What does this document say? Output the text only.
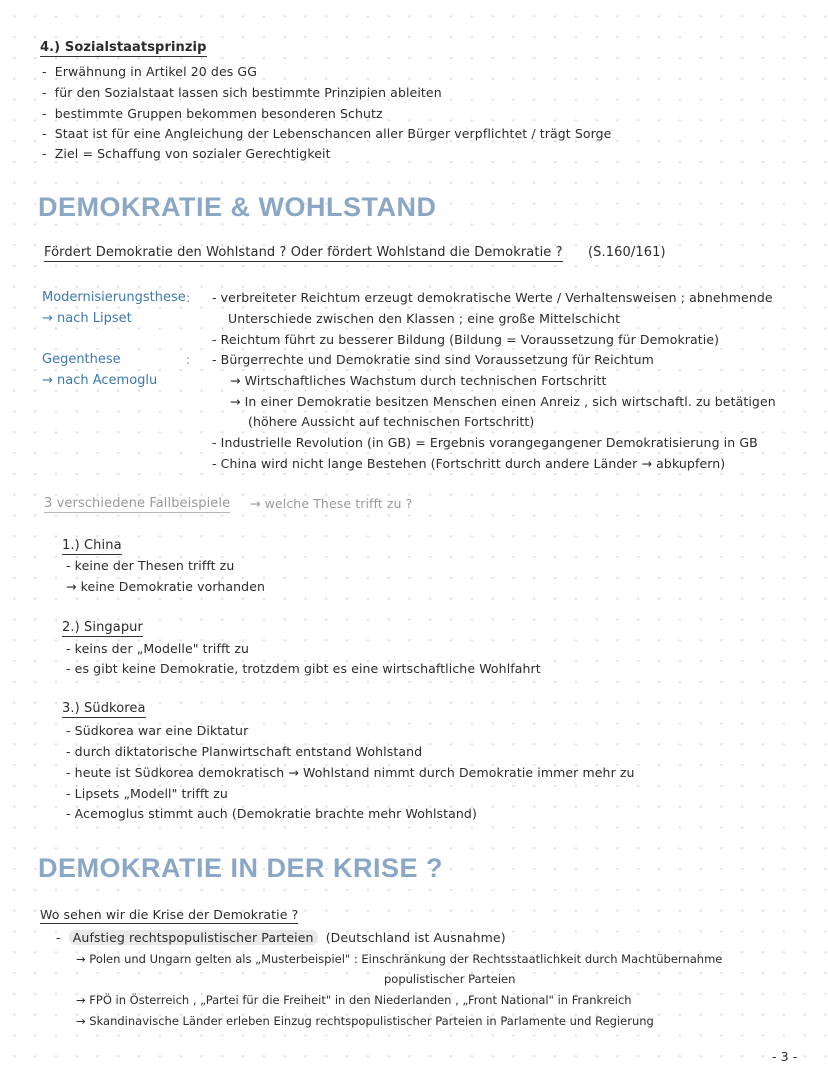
4.) Sozialstaatsprinzip
-  Erwähnung in Artikel 20 des GG
-  für den Sozialstaat lassen sich bestimmte Prinzipien ableiten
-  bestimmte Gruppen bekommen besonderen Schutz
-  Staat ist für eine Angleichung der Lebenschancen aller Bürger verpflichtet / trägt Sorge
-  Ziel = Schaffung von sozialer Gerechtigkeit
DEMOKRATIE & WOHLSTAND
Fördert Demokratie den Wohlstand ? Oder fördert Wohlstand die Demokratie ? (S.160/161)
Modernisierungsthese
→ nach Lipset
Gegenthese
→ nach Acemoglu
:
:
- verbreiteter Reichtum erzeugt demokratische Werte / Verhaltensweisen ; abnehmende
Unterschiede zwischen den Klassen ; eine große Mittelschicht
- Reichtum führt zu besserer Bildung (Bildung = Voraussetzung für Demokratie)
- Bürgerrechte und Demokratie sind sind Voraussetzung für Reichtum
→ Wirtschaftliches Wachstum durch technischen Fortschritt
→ In einer Demokratie besitzen Menschen einen Anreiz , sich wirtschaftl. zu betätigen
(höhere Aussicht auf technischen Fortschritt)
- Industrielle Revolution (in GB) = Ergebnis vorangegangener Demokratisierung in GB
- China wird nicht lange Bestehen (Fortschritt durch andere Länder → abkupfern)
3 verschiedene Fallbeispiele → welche These trifft zu ?
1.) China
- keine der Thesen trifft zu
→ keine Demokratie vorhanden
2.) Singapur
- keins der „Modelle" trifft zu
- es gibt keine Demokratie, trotzdem gibt es eine wirtschaftliche Wohlfahrt
3.) Südkorea
- Südkorea war eine Diktatur
- durch diktatorische Planwirtschaft entstand Wohlstand
- heute ist Südkorea demokratisch → Wohlstand nimmt durch Demokratie immer mehr zu
- Lipsets „Modell" trifft zu
- Acemoglus stimmt auch (Demokratie brachte mehr Wohlstand)
DEMOKRATIE IN DER KRISE ?
Wo sehen wir die Krise der Demokratie ?
-  Aufstieg rechtspopulistischer Parteien (Deutschland ist Ausnahme)
→ Polen und Ungarn gelten als „Musterbeispiel" : Einschränkung der Rechtsstaatlichkeit durch Machtübernahme
populistischer Parteien
→ FPÖ in Österreich , „Partei für die Freiheit" in den Niederlanden , „Front National" in Frankreich
→ Skandinavische Länder erleben Einzug rechtspopulistischer Parteien in Parlamente und Regierung
- 3 -
